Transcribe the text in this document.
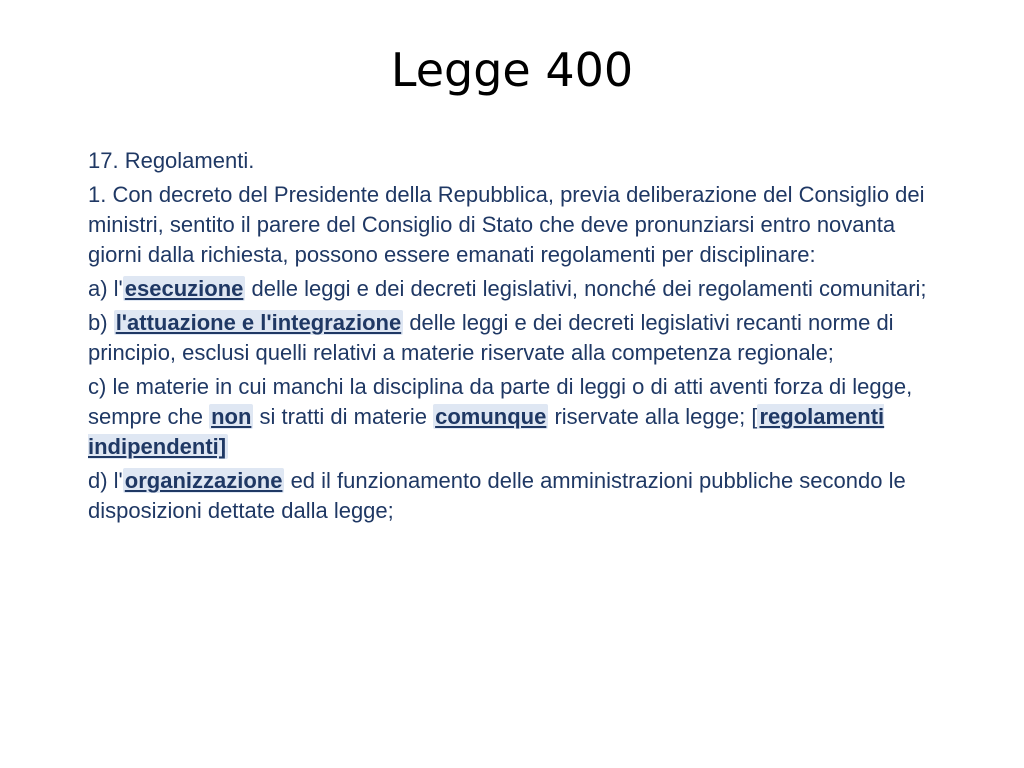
Legge 400

17. Regolamenti.

1. Con decreto del Presidente della Repubblica, previa deliberazione del Consiglio dei ministri, sentito il parere del Consiglio di Stato che deve pronunziarsi entro novanta giorni dalla richiesta, possono essere emanati regolamenti per disciplinare:

a) l'esecuzione delle leggi e dei decreti legislativi, nonché dei regolamenti comunitari;

b) l'attuazione e l'integrazione delle leggi e dei decreti legislativi recanti norme di principio, esclusi quelli relativi a materie riservate alla competenza regionale;

c) le materie in cui manchi la disciplina da parte di leggi o di atti aventi forza di legge, sempre che non si tratti di materie comunque riservate alla legge; [regolamenti indipendenti]

d) l'organizzazione ed il funzionamento delle amministrazioni pubbliche secondo le disposizioni dettate dalla legge;
